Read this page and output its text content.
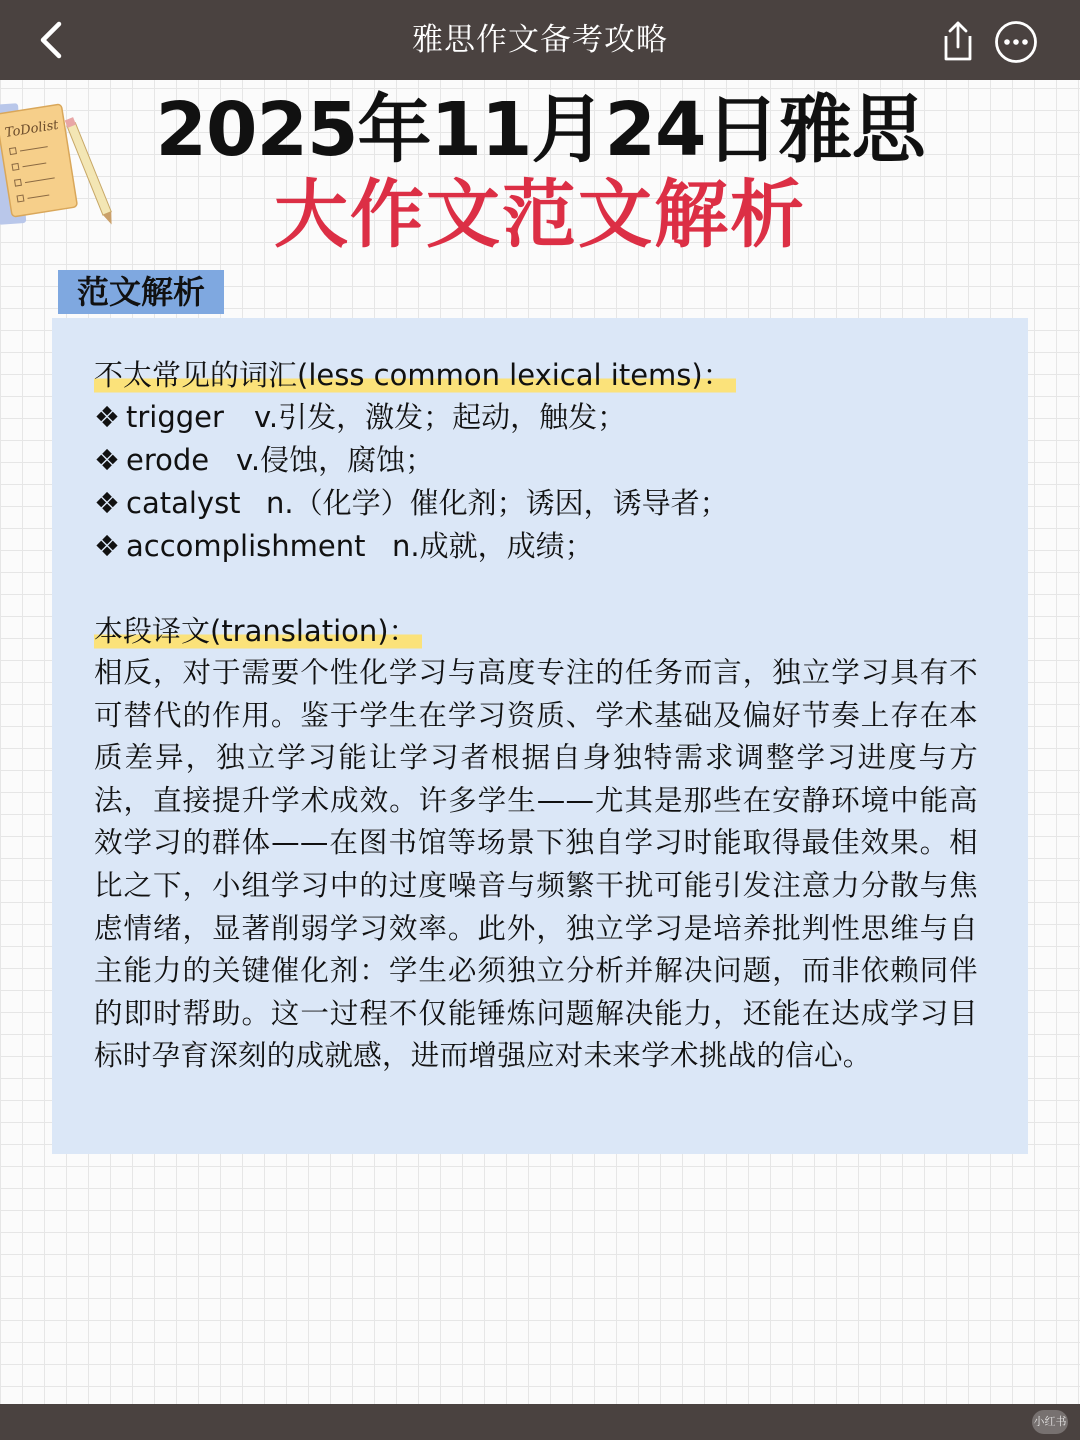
雅思作文备考攻略
ToDolist	2025年11月24日雅思
大作文范文解析
范文解析
不太常见的词汇(less common lexical items)：
❖ trigger v.引发，激发；起动，触发；
❖ erode v.侵蚀，腐蚀；
❖ catalyst n.（化学）催化剂；诱因，诱导者；
❖ accomplishment n.成就，成绩；
本段译文(translation)：

相反，对于需要个性化学习与高度专注的任务而言，独立学习具有不可替代的作用。鉴于学生在学习资质、学术基础及偏好节奏上存在本质差异，独立学习能让学习者根据自身独特需求调整学习进度与方法，直接提升学术成效。许多学生——尤其是那些在安静环境中能高效学习的群体——在图书馆等场景下独自学习时能取得最佳效果。相比之下，小组学习中的过度噪音与频繁干扰可能引发注意力分散与焦虑情绪，显著削弱学习效率。此外，独立学习是培养批判性思维与自主能力的关键催化剂：学生必须独立分析并解决问题，而非依赖同伴的即时帮助。这一过程不仅能锤炼问题解决能力，还能在达成学习目标时孕育深刻的成就感，进而增强应对未来学术挑战的信心。

小红书
